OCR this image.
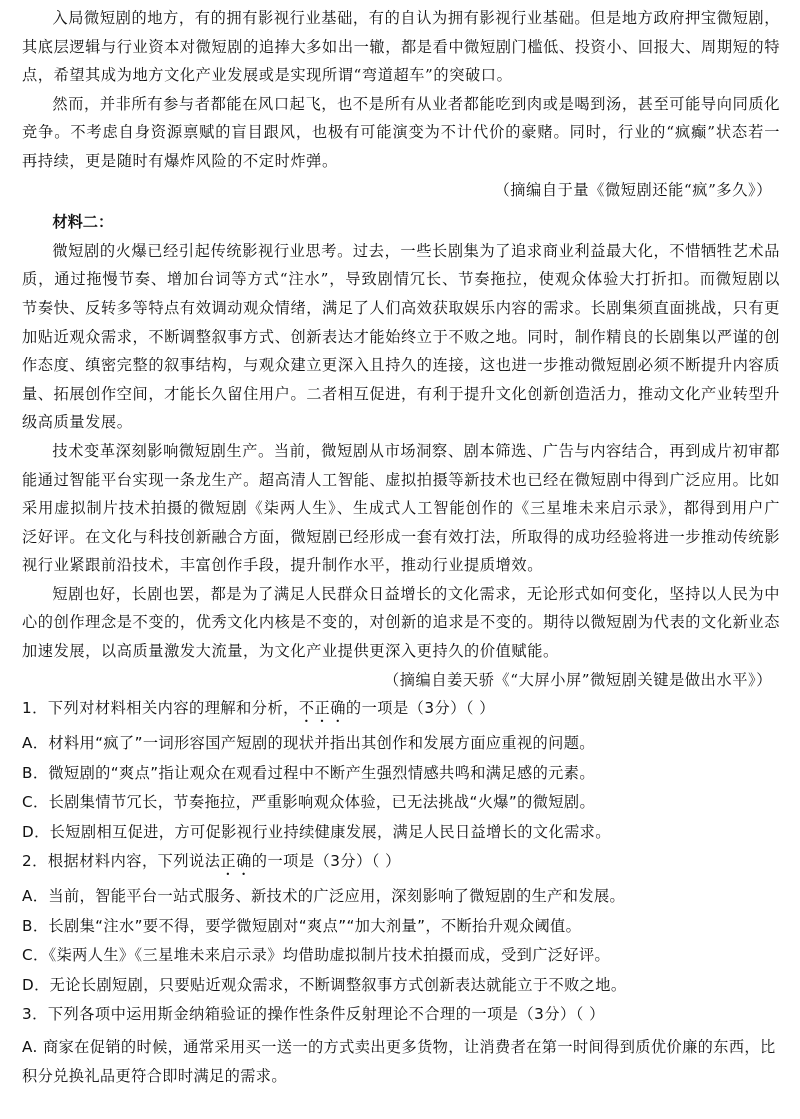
入局微短剧的地方，有的拥有影视行业基础，有的自认为拥有影视行业基础。但是地方政府押宝微短剧，其底层逻辑与行业资本对微短剧的追捧大多如出一辙，都是看中微短剧门槛低、投资小、回报大、周期短的特点，希望其成为地方文化产业发展或是实现所谓“弯道超车”的突破口。

然而，并非所有参与者都能在风口起飞，也不是所有从业者都能吃到肉或是喝到汤，甚至可能导向同质化竞争。不考虑自身资源禀赋的盲目跟风，也极有可能演变为不计代价的豪赌。同时，行业的“疯癫”状态若一再持续，更是随时有爆炸风险的不定时炸弹。

（摘编自于量《微短剧还能“疯”多久》）

材料二：

微短剧的火爆已经引起传统影视行业思考。过去，一些长剧集为了追求商业利益最大化，不惜牺牲艺术品质，通过拖慢节奏、增加台词等方式“注水”，导致剧情冗长、节奏拖拉，使观众体验大打折扣。而微短剧以节奏快、反转多等特点有效调动观众情绪，满足了人们高效获取娱乐内容的需求。长剧集须直面挑战，只有更加贴近观众需求，不断调整叙事方式、创新表达才能始终立于不败之地。同时，制作精良的长剧集以严谨的创作态度、缜密完整的叙事结构，与观众建立更深入且持久的连接，这也进一步推动微短剧必须不断提升内容质量、拓展创作空间，才能长久留住用户。二者相互促进，有利于提升文化创新创造活力，推动文化产业转型升级高质量发展。

技术变革深刻影响微短剧生产。当前，微短剧从市场洞察、剧本筛选、广告与内容结合，再到成片初审都能通过智能平台实现一条龙生产。超高清人工智能、虚拟拍摄等新技术也已经在微短剧中得到广泛应用。比如采用虚拟制片技术拍摄的微短剧《柒两人生》、生成式人工智能创作的《三星堆未来启示录》，都得到用户广泛好评。在文化与科技创新融合方面，微短剧已经形成一套有效打法，所取得的成功经验将进一步推动传统影视行业紧跟前沿技术，丰富创作手段，提升制作水平，推动行业提质增效。

短剧也好，长剧也罢，都是为了满足人民群众日益增长的文化需求，无论形式如何变化，坚持以人民为中心的创作理念是不变的，优秀文化内核是不变的，对创新的追求是不变的。期待以微短剧为代表的文化新业态加速发展，以高质量激发大流量，为文化产业提供更深入更持久的价值赋能。

（摘编自姜天骄《“大屏小屏”微短剧关键是做出水平》）

1．下列对材料相关内容的理解和分析，不正确的一项是（3分）（ ）

A．材料用“疯了”一词形容国产短剧的现状并指出其创作和发展方面应重视的问题。

B．微短剧的“爽点”指让观众在观看过程中不断产生强烈情感共鸣和满足感的元素。

C．长剧集情节冗长，节奏拖拉，严重影响观众体验，已无法挑战“火爆”的微短剧。

D．长短剧相互促进，方可促影视行业持续健康发展，满足人民日益增长的文化需求。

2．根据材料内容，下列说法正确的一项是（3分）（ ）

A．当前，智能平台一站式服务、新技术的广泛应用，深刻影响了微短剧的生产和发展。

B．长剧集“注水”要不得，要学微短剧对“爽点”“加大剂量”，不断抬升观众阈值。

C．《柒两人生》《三星堆未来启示录》均借助虚拟制片技术拍摄而成，受到广泛好评。

D．无论长剧短剧，只要贴近观众需求，不断调整叙事方式创新表达就能立于不败之地。

3．下列各项中运用斯金纳箱验证的操作性条件反射理论不合理的一项是（3分）（ ）

A. 商家在促销的时候，通常采用买一送一的方式卖出更多货物，让消费者在第一时间得到质优价廉的东西，比积分兑换礼品更符合即时满足的需求。
